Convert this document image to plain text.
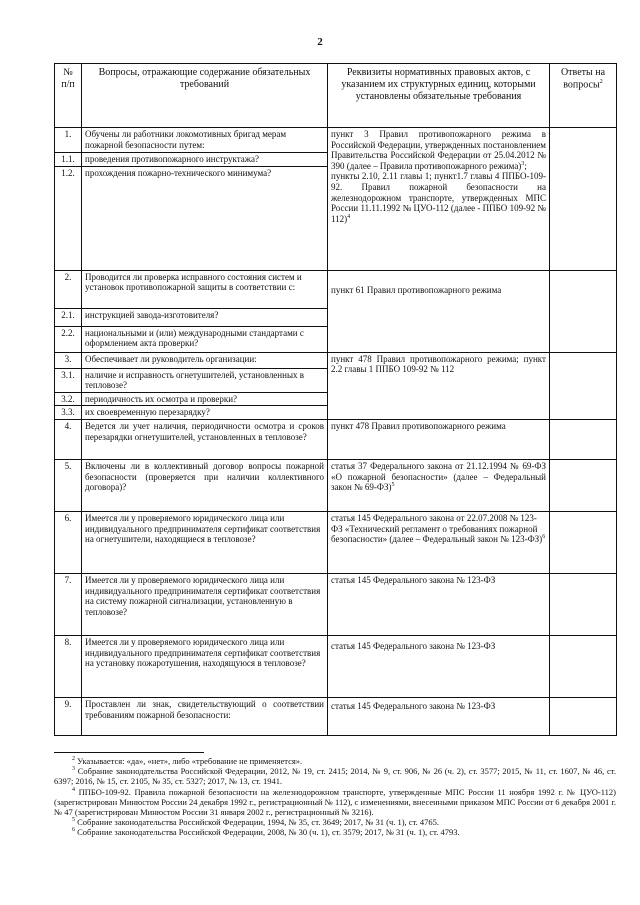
2
№ п/п	Вопросы, отражающие содержание обязательных требований	Реквизиты нормативных правовых актов, с указанием их структурных единиц, которыми установлены обязательные требования	Ответы на вопросы$^2$
1.	Обучены ли работники локомотивных бригад мерам пожарной безопасности путем:	пункт 3 Правил противопожарного режима в Российской Федерации, утвержденных постановлением Правительства Российской Федерации от 25.04.2012 № 390 (далее – Правила противопожарного режима)$^3$;
пункты 2.10, 2.11 главы 1; пункт1.7 главы 4 ППБО-109-92. Правил пожарной безопасности на железнодорожном транспорте, утвержденных МПС России 11.11.1992 № ЦУО-112 (далее - ППБО 109-92 № 112)$^4$	
1.1.	проведения противопожарного инструктажа?		
1.2.	прохождения пожарно-технического минимума?		
2.	Проводится ли проверка исправного состояния систем и установок противопожарной защиты в соответствии с:	пункт 61 Правил противопожарного режима	
2.1.	инструкцией завода-изготовителя?		
2.2.	национальными и (или) международными стандартами с оформлением акта проверки?		
3.	Обеспечивает ли руководитель организации:	пункт 478 Правил противопожарного режима; пункт 2.2 главы 1 ППБО 109-92 № 112	
3.1.	наличие и исправность огнетушителей, установленных в тепловозе?		
3.2.	периодичность их осмотра и проверки?		
3.3.	их своевременную перезарядку?		
4.	Ведется ли учет наличия, периодичности осмотра и сроков перезарядки огнетушителей, установленных в тепловозе?	пункт 478 Правил противопожарного режима	
5.	Включены ли в коллективный договор вопросы пожарной безопасности (проверяется при наличии коллективного договора)?	статья 37 Федерального закона от 21.12.1994 № 69-ФЗ «О пожарной безопасности» (далее – Федеральный закон № 69-ФЗ)$^5$	
6.	Имеется ли у проверяемого юридического лица или индивидуального предпринимателя сертификат соответствия на огнетушители, находящиеся в тепловозе?	статья 145 Федерального закона от 22.07.2008 № 123-ФЗ «Технический регламент о требованиях пожарной безопасности» (далее – Федеральный закон № 123-ФЗ)$^6$	
7.	Имеется ли у проверяемого юридического лица или индивидуального предпринимателя сертификат соответствия на систему пожарной сигнализации, установленную в тепловозе?	статья 145 Федерального закона № 123-ФЗ	
8.	Имеется ли у проверяемого юридического лица или индивидуального предпринимателя сертификат соответствия на установку пожаротушения, находящуюся в тепловозе?	статья 145 Федерального закона № 123-ФЗ	
9.	Проставлен ли знак, свидетельствующий о соответствии требованиям пожарной безопасности:	статья 145 Федерального закона № 123-ФЗ	

$^2$ Указывается: «да», «нет», либо «требование не применяется».

$^3$ Собрание законодательства Российской Федерации, 2012, № 19, ст. 2415; 2014, № 9, ст. 906, № 26 (ч. 2), ст. 3577; 2015, № 11, ст. 1607, № 46, ст. 6397; 2016, № 15, ст. 2105, № 35, ст. 5327; 2017, № 13, ст. 1941.

$^4$ ППБО-109-92. Правила пожарной безопасности на железнодорожном транспорте, утвержденные МПС России 11 ноября 1992 г. № ЦУО-112) (зарегистрирован Минюстом России 24 декабря 1992 г., регистрационный № 112), с изменениями, внесенными приказом МПС России от 6 декабря 2001 г. № 47 (зарегистрирован Минюстом России 31 января 2002 г., регистрационный № 3216).

$^5$ Собрание законодательства Российской Федерации, 1994, № 35, ст. 3649; 2017, № 31 (ч. 1), ст. 4765.

$^6$ Собрание законодательства Российской Федерации, 2008, № 30 (ч. 1), ст. 3579; 2017, № 31 (ч. 1), ст. 4793.
